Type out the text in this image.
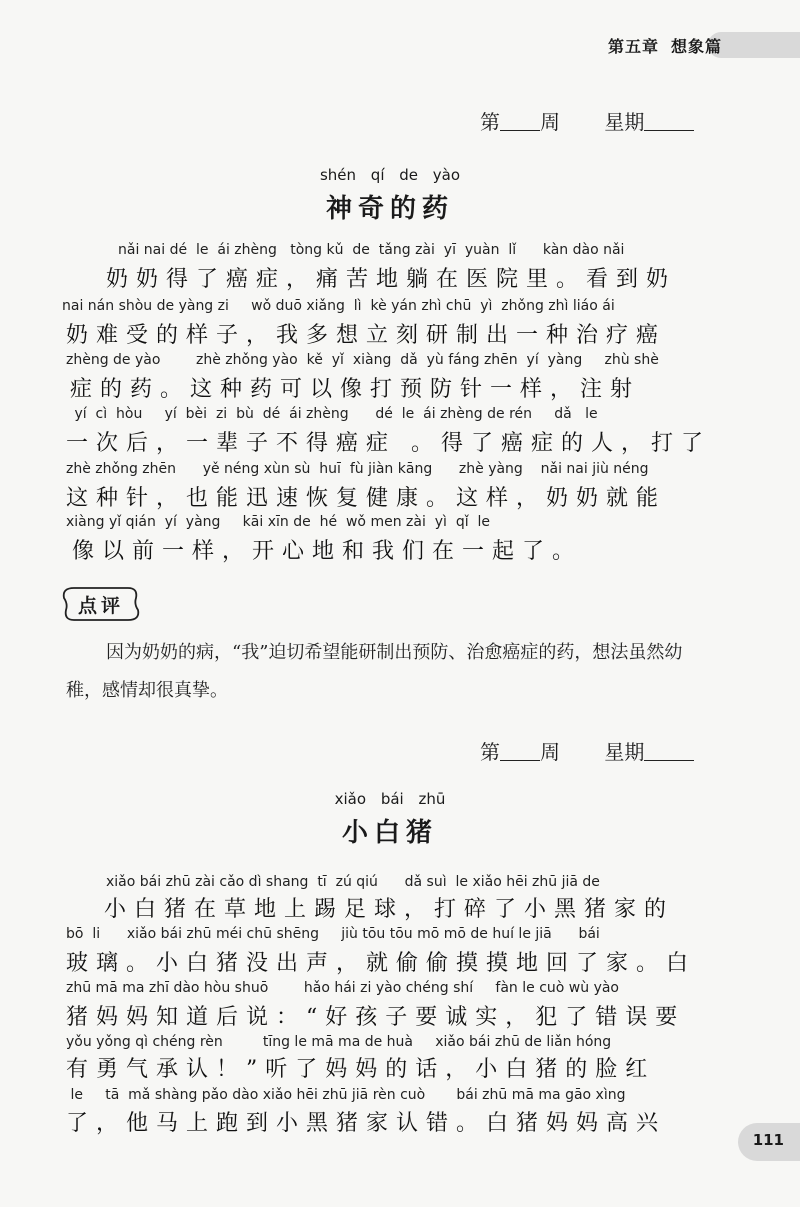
第五章 想象篇
第 周 星期
shén qí de yào
神奇的药
nǎi nai dé  le  ái zhèng   tòng kǔ  de  tǎng zài  yī  yuàn  lǐ      kàn dào nǎi
奶奶得了癌症，痛苦地躺在医院里。看到奶
nai nán shòu de yàng zi     wǒ duō xiǎng  lì  kè yán zhì chū  yì  zhǒng zhì liáo ái
奶难受的样子，我多想立刻研制出一种治疗癌
zhèng de yào        zhè zhǒng yào  kě  yǐ  xiàng  dǎ  yù fáng zhēn  yí  yàng     zhù shè
症的药。这种药可以像打预防针一样，注射
yí  cì  hòu     yí  bèi  zi  bù  dé  ái zhèng      dé  le  ái zhèng de rén     dǎ   le
一次后，一辈子不得癌症 。得了癌症的人，打了
zhè zhǒng zhēn      yě néng xùn sù  huī  fù jiàn kāng      zhè yàng    nǎi nai jiù néng
这种针，也能迅速恢复健康。这样，奶奶就能
xiàng yǐ qián  yí  yàng     kāi xīn de  hé  wǒ men zài  yì  qǐ  le
像以前一样，开心地和我们在一起了。
点评
因为奶奶的病，“我”迫切希望能研制出预防、治愈癌症的药，想法虽然幼稚，感情却很真挚。
第 周 星期
xiǎo bái zhū
小白猪
xiǎo bái zhū zài cǎo dì shang  tī  zú qiú      dǎ suì  le xiǎo hēi zhū jiā de
小白猪在草地上踢足球，打碎了小黑猪家的
bō  li      xiǎo bái zhū méi chū shēng     jiù tōu tōu mō mō de huí le jiā      bái
玻璃。小白猪没出声，就偷偷摸摸地回了家。白
zhū mā ma zhī dào hòu shuō        hǎo hái zi yào chéng shí     fàn le cuò wù yào
猪妈妈知道后说：“好孩子要诚实，犯了错误要
yǒu yǒng qì chéng rèn         tīng le mā ma de huà     xiǎo bái zhū de liǎn hóng
有勇气承认！”听了妈妈的话，小白猪的脸红
le     tā  mǎ shàng pǎo dào xiǎo hēi zhū jiā rèn cuò       bái zhū mā ma gāo xìng
了，他马上跑到小黑猪家认错。白猪妈妈高兴
111
